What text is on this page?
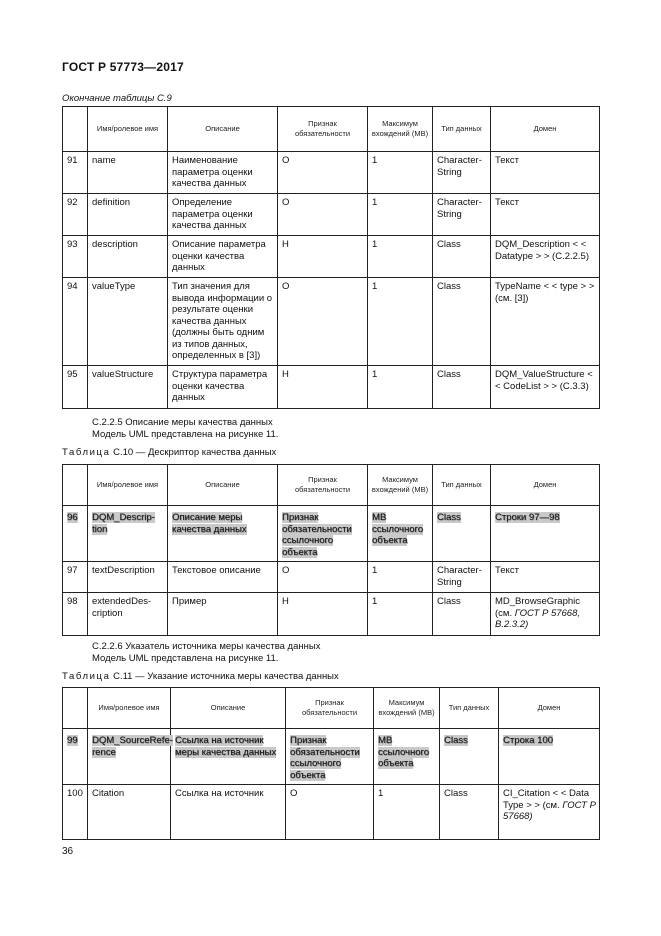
ГОСТ Р 57773—2017
Окончание таблицы С.9
	Имя/ролевое имя	Описание	Признак обязательности	Максимум вхождений (МВ)	Тип данных	Домен
91	name	Наименование параметра оценки качества данных	O	1	Character-String	Текст
92	definition	Определение параметра оценки качества данных	O	1	Character-String	Текст
93	description	Описание параметра оценки качества данных	Н	1	Class	DQM_Description < < Datatype > > (С.2.2.5)
94	valueType	Тип значения для вывода информации о результате оценки качества данных (должны быть одним из типов данных, определенных в [3])	O	1	Class	TypeName < < type > > (см. [3])
95	valueStructure	Структура параметра оценки качества данных	Н	1	Class	DQM_ValueStructure < < CodeList > > (С.3.3)
С.2.2.5 Описание меры качества данных
Модель UML представлена на рисунке 11.
Таблица С.10 — Дескриптор качества данных
	Имя/ролевое имя	Описание	Признак обязательности	Максимум вхождений (МВ)	Тип данных	Домен
96	DQM_Descrip-tion	Описание меры качества данных	Признак обязательности ссылочного объекта	МВ ссылочного объекта	Class	Строки 97—98
97	textDescription	Текстовое описание	O	1	Character-String	Текст
98	extendedDes-cription	Пример	Н	1	Class	MD_BrowseGraphic (см. ГОСТ Р 57668, В.2.3.2)
С.2.2.6 Указатель источника меры качества данных
Модель UML представлена на рисунке 11.
Таблица С.11 — Указание источника меры качества данных
	Имя/ролевое имя	Описание	Признак обязательности	Максимум вхождений (МВ)	Тип данных	Домен
99	DQM_SourceRefe-rence	Ссылка на источник меры качества данных	Признак обязательности ссылочного объекта	МВ ссылочного объекта	Class	Строка 100
100	Citation	Ссылка на источник	O	1	Class	CI_Citation < < Data Type > > (см. ГОСТ Р 57668)
36
